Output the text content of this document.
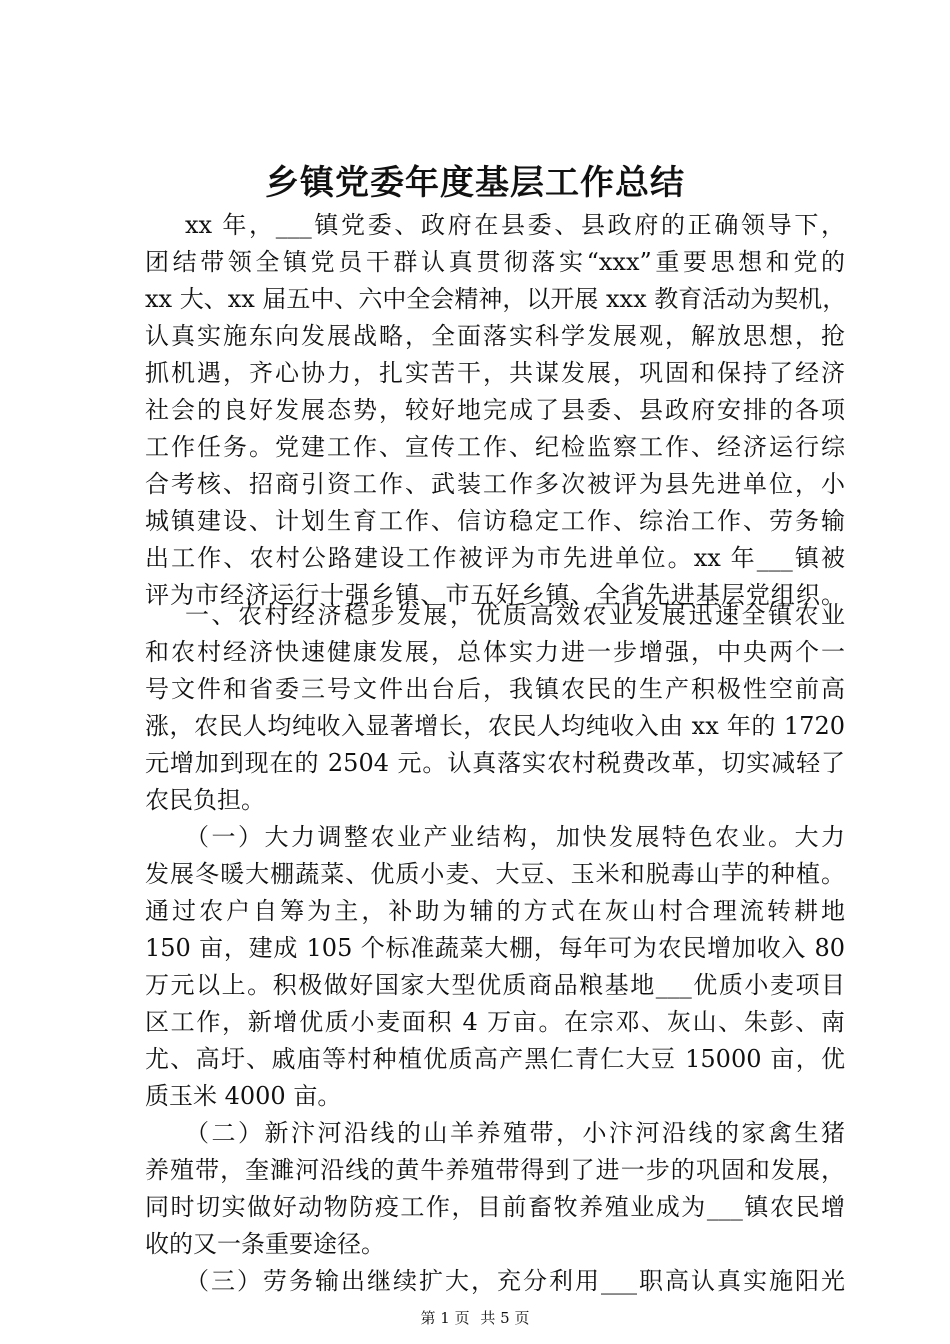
乡镇党委年度基层工作总结
xx 年，___镇党委、政府在县委、县政府的正确领导下，
团结带领全镇党员干群认真贯彻落实“xxx”重要思想和党的
xx 大、xx 届五中、六中全会精神，以开展 xxx 教育活动为契机，
认真实施东向发展战略，全面落实科学发展观，解放思想，抢
抓机遇，齐心协力，扎实苦干，共谋发展，巩固和保持了经济
社会的良好发展态势，较好地完成了县委、县政府安排的各项
工作任务。党建工作、宣传工作、纪检监察工作、经济运行综
合考核、招商引资工作、武装工作多次被评为县先进单位，小
城镇建设、计划生育工作、信访稳定工作、综治工作、劳务输
出工作、农村公路建设工作被评为市先进单位。xx 年___镇被
评为市经济运行十强乡镇、市五好乡镇、全省先进基层党组织。
一、农村经济稳步发展，优质高效农业发展迅速全镇农业
和农村经济快速健康发展，总体实力进一步增强，中央两个一
号文件和省委三号文件出台后，我镇农民的生产积极性空前高
涨，农民人均纯收入显著增长，农民人均纯收入由 xx 年的 1720
元增加到现在的 2504 元。认真落实农村税费改革，切实减轻了
农民负担。
（一）大力调整农业产业结构，加快发展特色农业。大力
发展冬暖大棚蔬菜、优质小麦、大豆、玉米和脱毒山芋的种植。
通过农户自筹为主，补助为辅的方式在灰山村合理流转耕地
150 亩，建成 105 个标准蔬菜大棚，每年可为农民增加收入 80
万元以上。积极做好国家大型优质商品粮基地___优质小麦项目
区工作，新增优质小麦面积 4 万亩。在宗邓、灰山、朱彭、南
尤、高圩、戚庙等村种植优质高产黑仁青仁大豆 15000 亩，优
质玉米 4000 亩。
（二）新汴河沿线的山羊养殖带，小汴河沿线的家禽生猪
养殖带，奎濉河沿线的黄牛养殖带得到了进一步的巩固和发展，
同时切实做好动物防疫工作，目前畜牧养殖业成为___镇农民增
收的又一条重要途径。
（三）劳务输出继续扩大，充分利用___职高认真实施阳光
第 1 页 共 5 页
